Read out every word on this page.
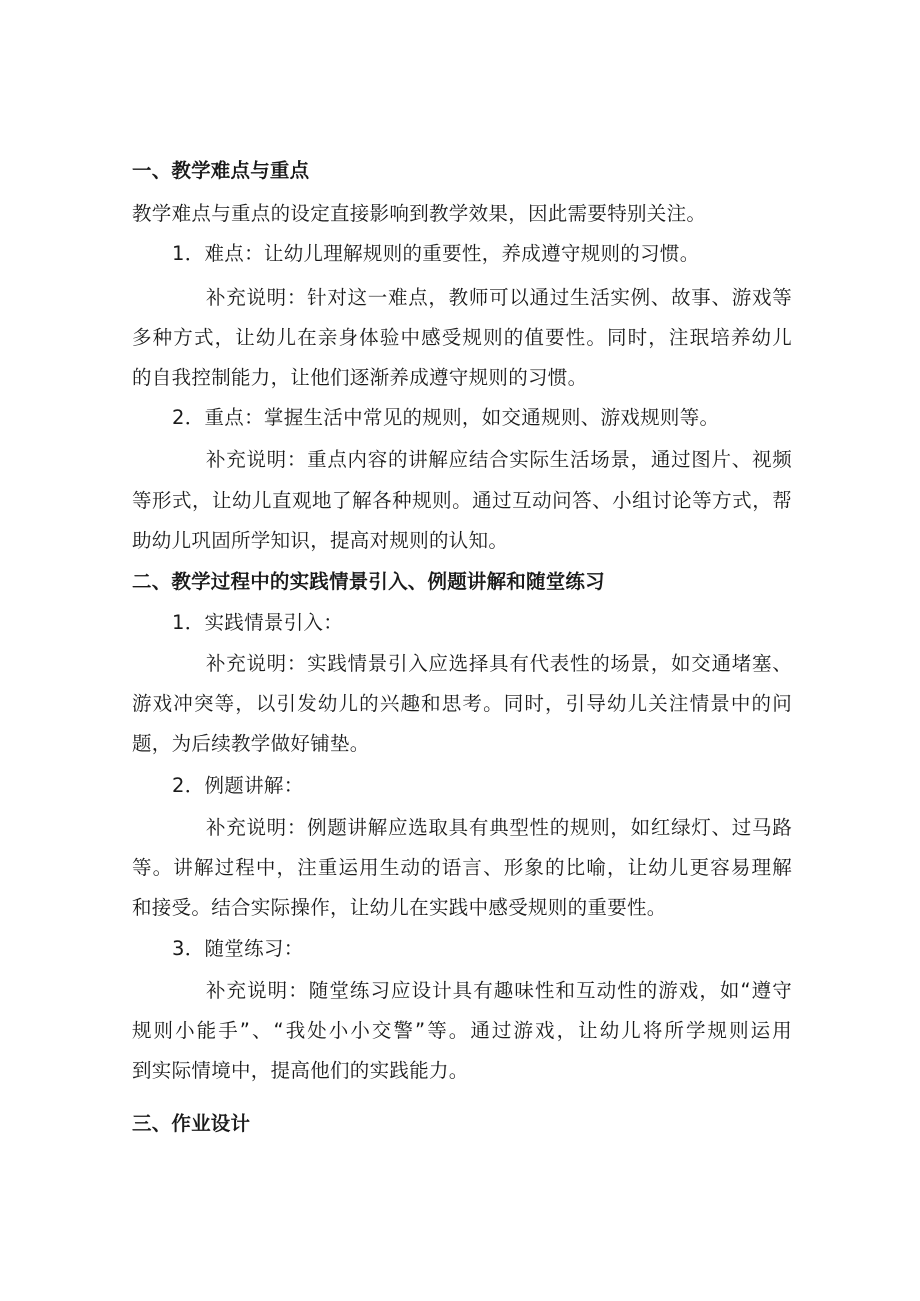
一、教学难点与重点
教学难点与重点的设定直接影响到教学效果，因此需要特别关注。
1．难点：让幼儿理解规则的重要性，养成遵守规则的习惯。
补充说明：针对这一难点，教师可以通过生活实例、故事、游戏等
多种方式，让幼儿在亲身体验中感受规则的值要性。同时，注珉培养幼儿
的自我控制能力，让他们逐渐养成遵守规则的习惯。
2．重点：掌握生活中常见的规则，如交通规则、游戏规则等。
补充说明：重点内容的讲解应结合实际生活场景，通过图片、视频
等形式，让幼儿直观地了解各种规则。通过互动问答、小组讨论等方式，帮
助幼儿巩固所学知识，提高对规则的认知。
二、教学过程中的实践情景引入、例题讲解和随堂练习
1．实践情景引入：
补充说明：实践情景引入应选择具有代表性的场景，如交通堵塞、
游戏冲突等，以引发幼儿的兴趣和思考。同时，引导幼儿关注情景中的问
题，为后续教学做好铺垫。
2．例题讲解：
补充说明：例题讲解应选取具有典型性的规则，如红绿灯、过马路
等。讲解过程中，注重运用生动的语言、形象的比喻，让幼儿更容易理解
和接受。结合实际操作，让幼儿在实践中感受规则的重要性。
3．随堂练习：
补充说明：随堂练习应设计具有趣味性和互动性的游戏，如“遵守
规则小能手”、“我处小小交警”等。通过游戏，让幼儿将所学规则运用
到实际情境中，提高他们的实践能力。
三、作业设计
